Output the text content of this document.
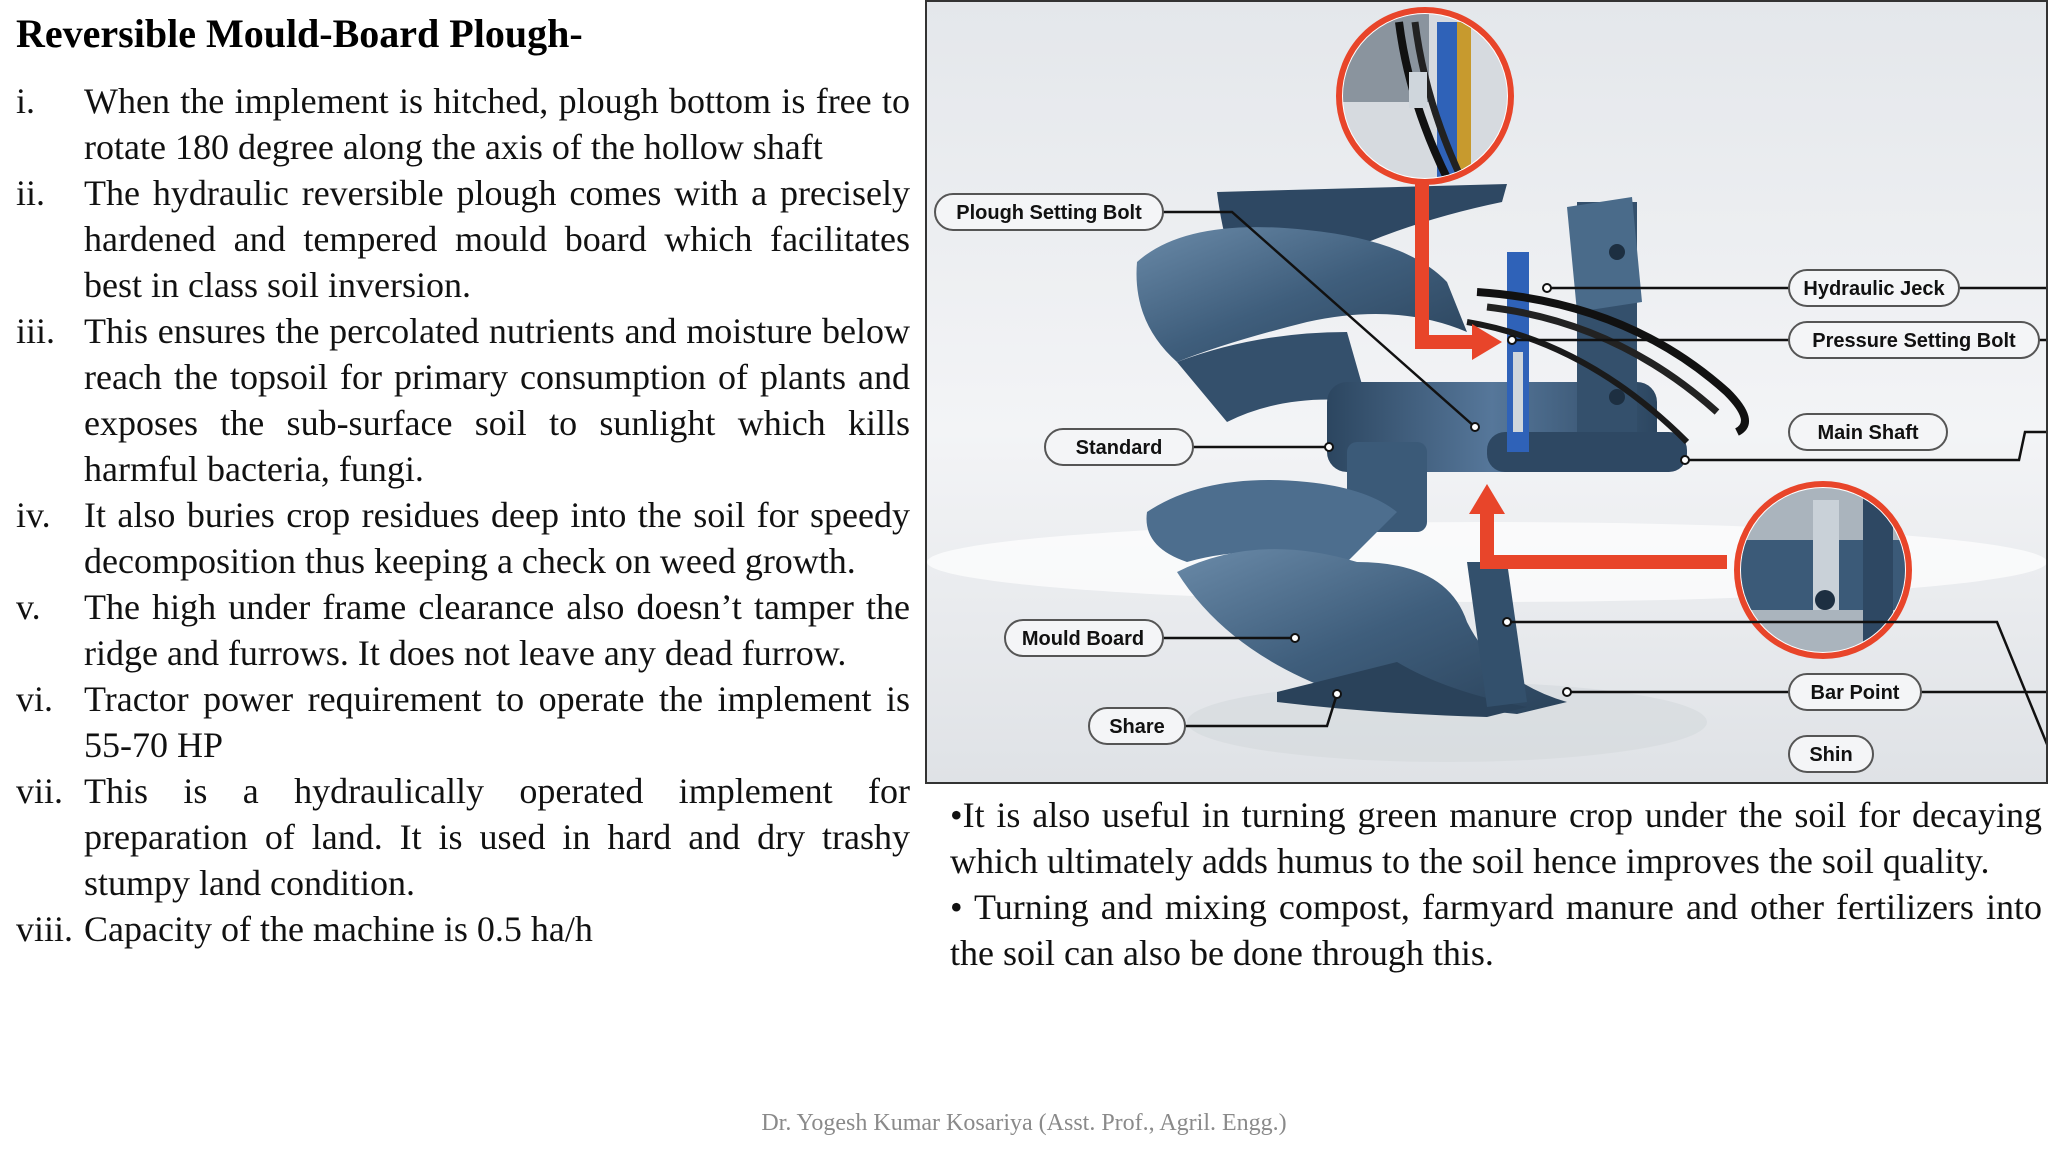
Reversible Mould-Board Plough-
i.	When the implement is hitched, plough bottom is free to rotate 180 degree along the axis of the hollow shaft
ii.	The hydraulic reversible plough comes with a precisely hardened and tempered mould board which facilitates best in class soil inversion.
iii. This ensures the percolated nutrients and moisture below reach the topsoil for primary consumption of plants and exposes the sub-surface soil to sunlight which kills harmful bacteria, fungi.
iv. It also buries crop residues deep into the soil for speedy decomposition thus keeping a check on weed growth.
v.	The high under frame clearance also doesn’t tamper the ridge and furrows. It does not leave any dead furrow.
vi. Tractor power requirement to operate the implement is 55-70 HP
vii. This is a hydraulically operated implement for preparation of land. It is used in hard and dry trashy stumpy land condition.
viii. Capacity of the machine is 0.5 ha/h
Plough Setting Bolt
Standard
Mould Board
Share
Hydraulic Jeck
Pressure Setting Bolt
Main Shaft
Bar Point
Shin

•It is also useful in turning green manure crop under the soil for decaying which ultimately adds humus to the soil hence improves the soil quality.

• Turning and mixing compost, farmyard manure and other fertilizers into the soil can also be done through this.

Dr. Yogesh Kumar Kosariya (Asst. Prof., Agril. Engg.)
